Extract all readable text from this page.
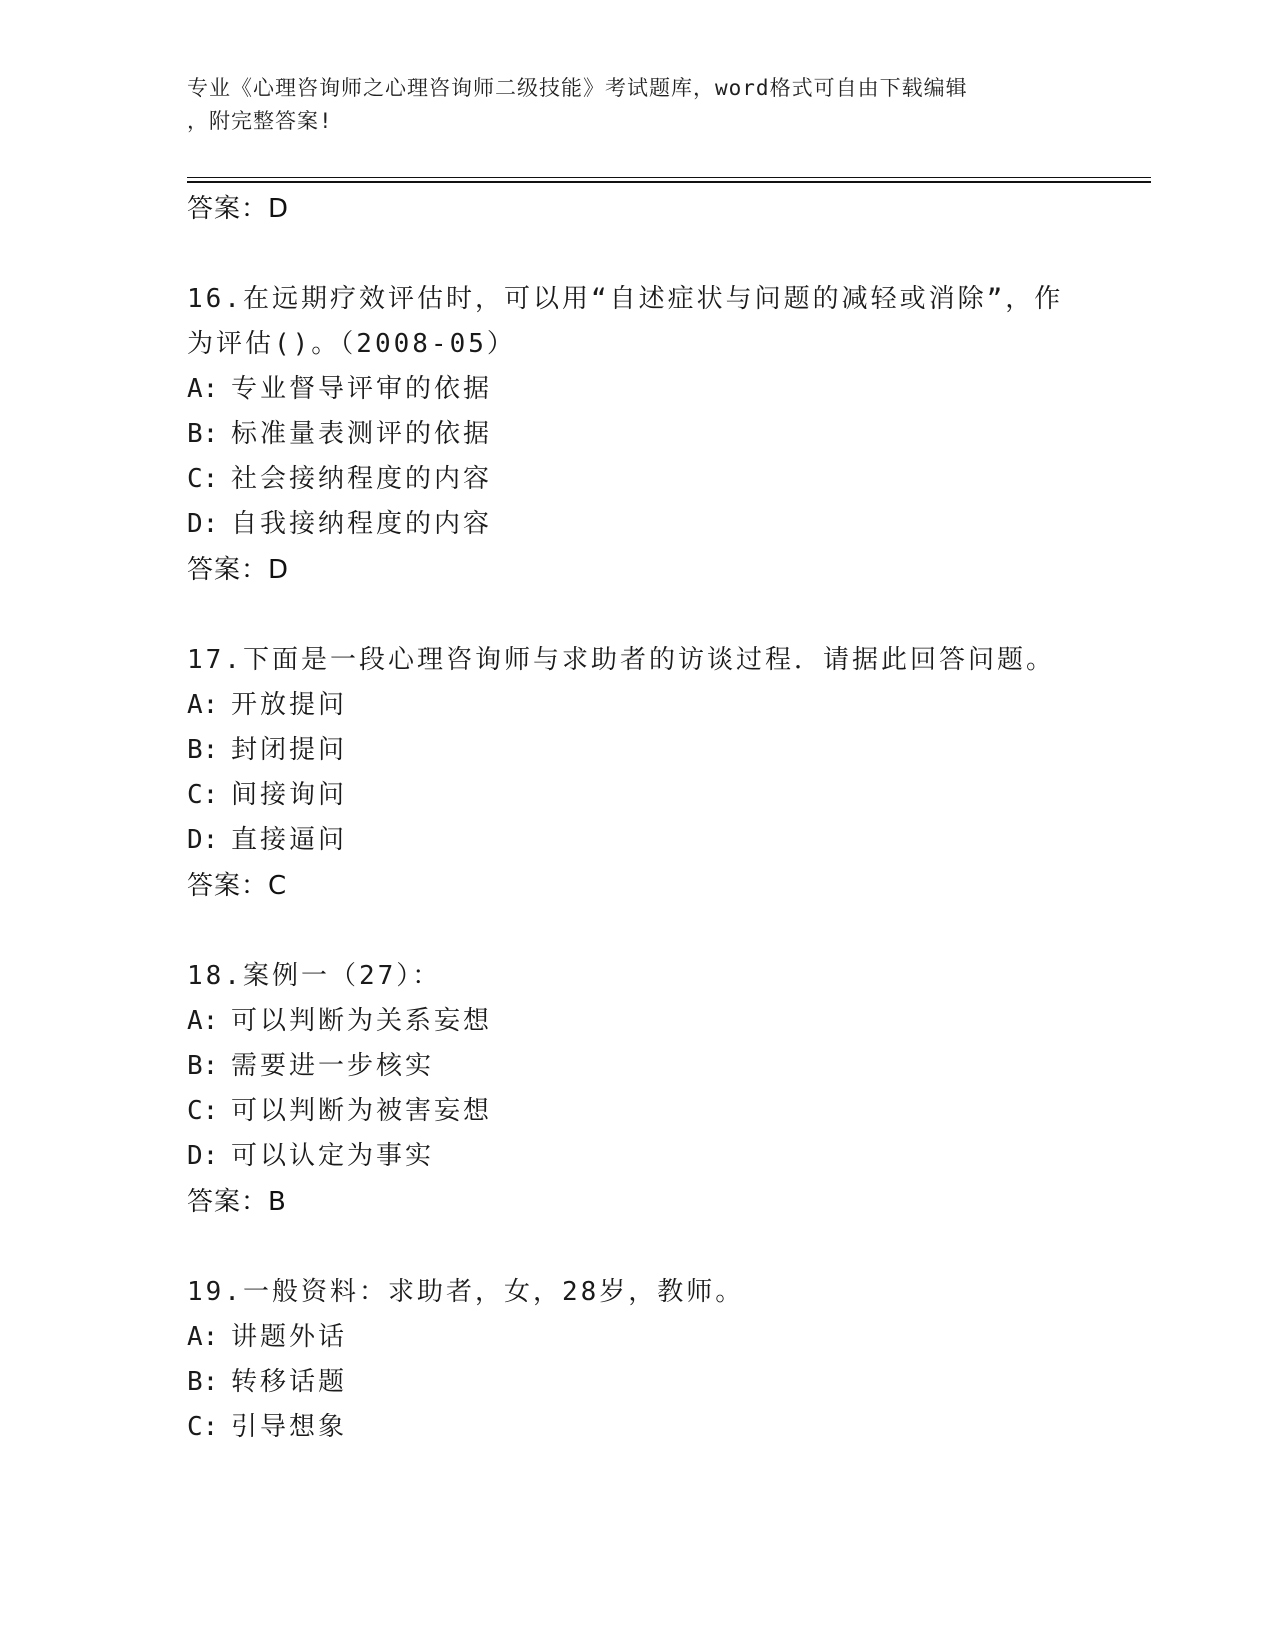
专业《心理咨询师之心理咨询师二级技能》考试题库，word格式可自由下载编辑
，附完整答案!
答案：D
16.在远期疗效评估时，可以用“自述症状与问题的减轻或消除”，作
为评估()。（2008-05）
A: 专业督导评审的依据
B: 标准量表测评的依据
C: 社会接纳程度的内容
D: 自我接纳程度的内容
答案：D
17.下面是一段心理咨询师与求助者的访谈过程．请据此回答问题。
A: 开放提问
B: 封闭提问
C: 间接询问
D: 直接逼问
答案：C
18.案例一（27）：
A: 可以判断为关系妄想
B: 需要进一步核实
C: 可以判断为被害妄想
D: 可以认定为事实
答案：B
19.一般资料：求助者，女，28岁，教师。
A: 讲题外话
B: 转移话题
C: 引导想象
